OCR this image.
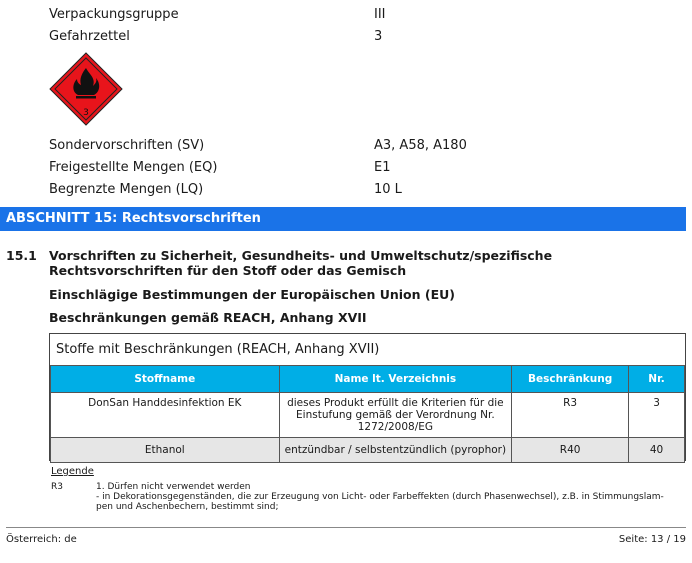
Verpackungsgruppe	III
Gefahrzettel	3
3
Sondervorschriften (SV)	A3, A58, A180
Freigestellte Mengen (EQ)	E1
Begrenzte Mengen (LQ)	10 L
ABSCHNITT 15: Rechtsvorschriften
15.1 Vorschriften zu Sicherheit, Gesundheits- und Umweltschutz/spezifische Rechtsvorschriften für den Stoff oder das Gemisch
Einschlägige Bestimmungen der Europäischen Union (EU)
Beschränkungen gemäß REACH, Anhang XVII
Stoffe mit Beschränkungen (REACH, Anhang XVII)
Stoffname	Name lt. Verzeichnis	Beschränkung	Nr.
DonSan Handdesinfektion EK	dieses Produkt erfüllt die Kriterien für die Einstufung gemäß der Verordnung Nr. 1272/2008/EG	R3	3
Ethanol	entzündbar / selbstentzündlich (pyrophor)	R40	40
Legende
R3	1. Dürfen nicht verwendet werden
- in Dekorationsgegenständen, die zur Erzeugung von Licht- oder Farbeffekten (durch Phasenwechsel), z.B. in Stimmungslam-
pen und Aschenbechern, bestimmt sind;
Österreich: de	Seite: 13 / 19
